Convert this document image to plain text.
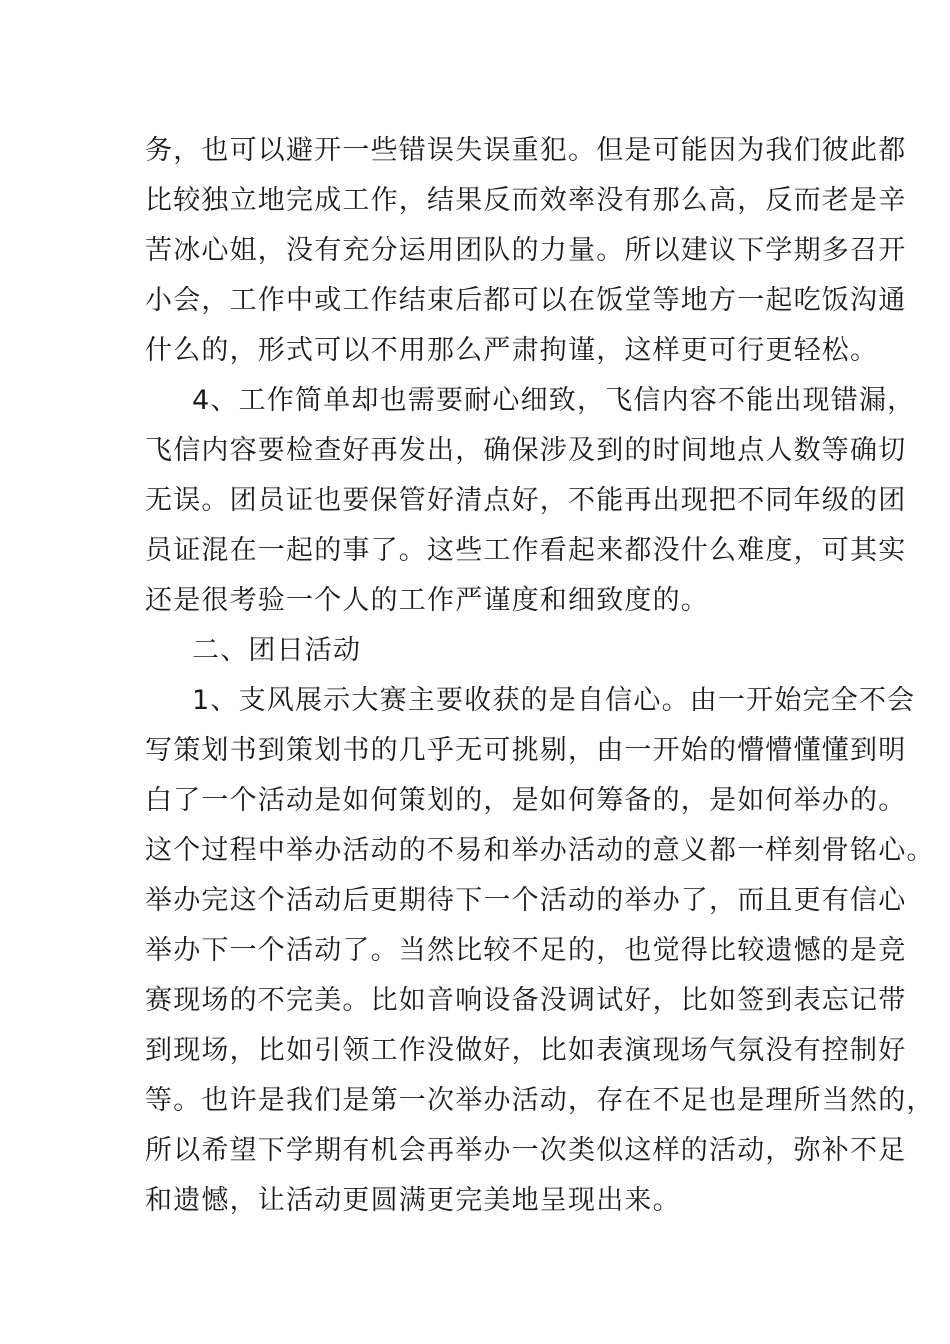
务，也可以避开一些错误失误重犯。但是可能因为我们彼此都

比较独立地完成工作，结果反而效率没有那么高，反而老是辛

苦冰心姐，没有充分运用团队的力量。所以建议下学期多召开

小会，工作中或工作结束后都可以在饭堂等地方一起吃饭沟通

什么的，形式可以不用那么严肃拘谨，这样更可行更轻松。

4、工作简单却也需要耐心细致，飞信内容不能出现错漏，

飞信内容要检查好再发出，确保涉及到的时间地点人数等确切

无误。团员证也要保管好清点好，不能再出现把不同年级的团

员证混在一起的事了。这些工作看起来都没什么难度，可其实

还是很考验一个人的工作严谨度和细致度的。

二、团日活动

1、支风展示大赛主要收获的是自信心。由一开始完全不会

写策划书到策划书的几乎无可挑剔，由一开始的懵懵懂懂到明

白了一个活动是如何策划的，是如何筹备的，是如何举办的。

这个过程中举办活动的不易和举办活动的意义都一样刻骨铭心。

举办完这个活动后更期待下一个活动的举办了，而且更有信心

举办下一个活动了。当然比较不足的，也觉得比较遗憾的是竞

赛现场的不完美。比如音响设备没调试好，比如签到表忘记带

到现场，比如引领工作没做好，比如表演现场气氛没有控制好

等。也许是我们是第一次举办活动，存在不足也是理所当然的，

所以希望下学期有机会再举办一次类似这样的活动，弥补不足

和遗憾，让活动更圆满更完美地呈现出来。
